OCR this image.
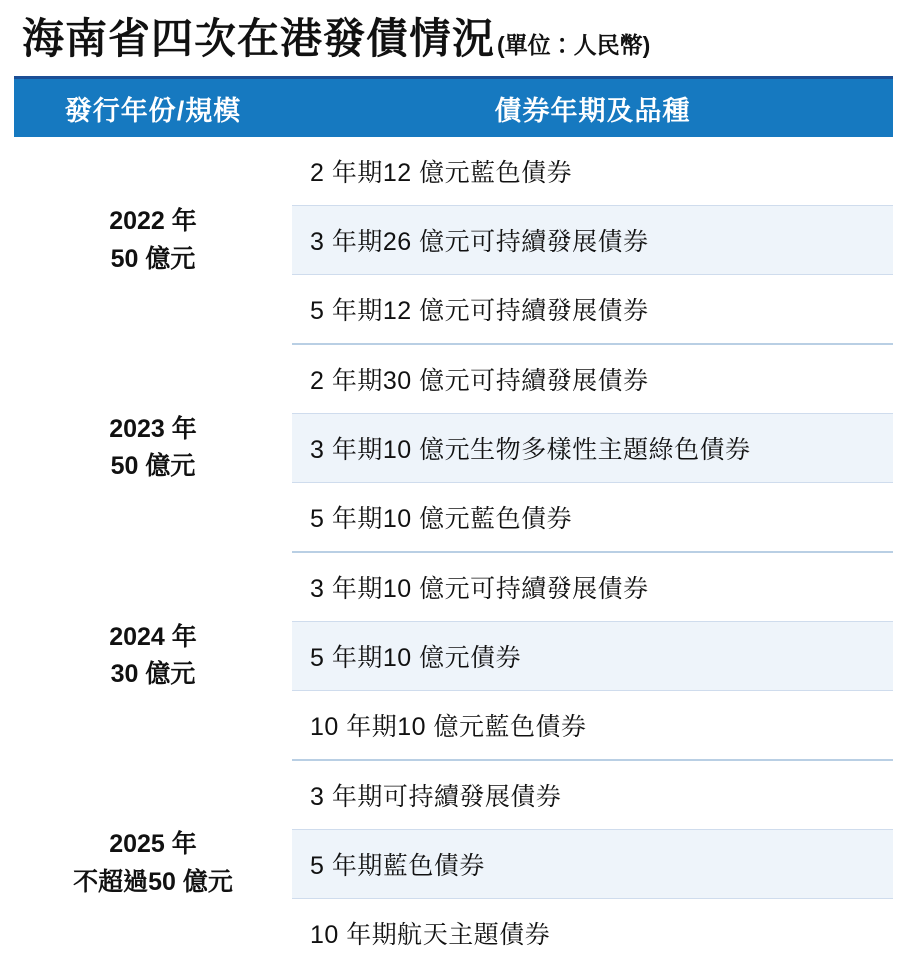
海南省四次在港發債情況 (單位：人民幣)
發行年份/規模	債券年期及品種

2022 年
50 億元	2 年期12 億元藍色債券
	3 年期26 億元可持續發展債券
	5 年期12 億元可持續發展債券

2023 年
50 億元	2 年期30 億元可持續發展債券
	3 年期10 億元生物多樣性主題綠色債券
	5 年期10 億元藍色債券

2024 年
30 億元	3 年期10 億元可持續發展債券
	5 年期10 億元債券
	10 年期10 億元藍色債券

2025 年
不超過50 億元	3 年期可持續發展債券
	5 年期藍色債券
	10 年期航天主題債券
